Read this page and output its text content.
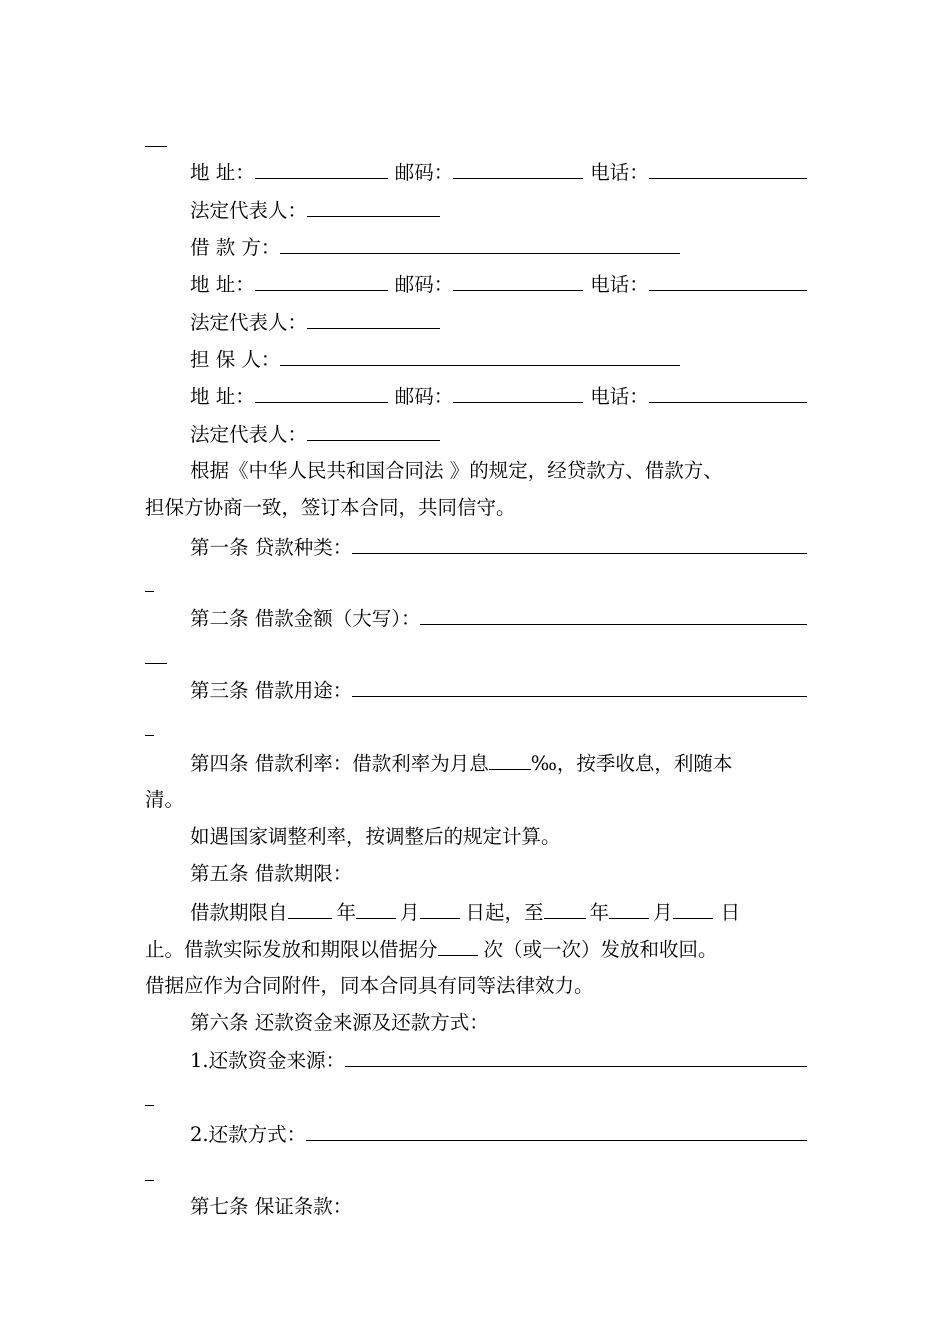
地 址：	邮码：	电话：
法定代表人：
借 款 方：
地 址：	邮码：	电话：
法定代表人：
担 保 人：
地 址：	邮码：	电话：
法定代表人：
根据《中华人民共和国合同法 》的规定，经贷款方、借款方、
担保方协商一致，签订本合同，共同信守。
第一条 贷款种类：
第二条 借款金额（大写）：
第三条 借款用途：
第四条 借款利率：借款利率为月息 ‰，按季收息，利随本
清。
如遇国家调整利率，按调整后的规定计算。
第五条 借款期限：
借款期限自	年 月 日起，至 年 月 日
止。借款实际发放和期限以借据分 次（或一次）发放和收回。
借据应作为合同附件，同本合同具有同等法律效力。
第六条 还款资金来源及还款方式：
1.还款资金来源：
2.还款方式：
第七条 保证条款：
